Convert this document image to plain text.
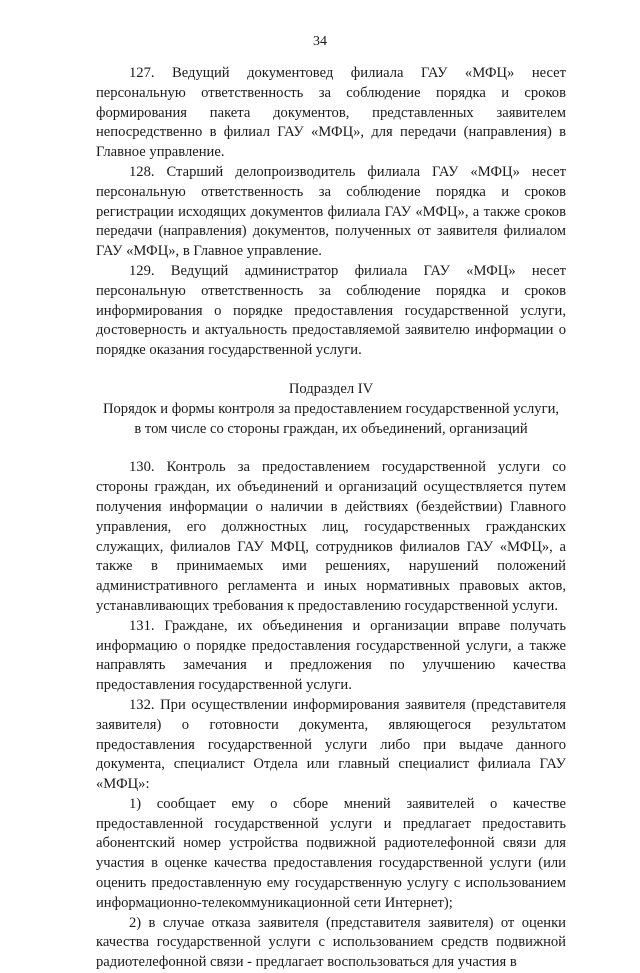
34

127. Ведущий документовед филиала ГАУ «МФЦ» несет персональную ответственность за соблюдение порядка и сроков формирования пакета документов, представленных заявителем непосредственно в филиал ГАУ «МФЦ», для передачи (направления) в Главное управление.

128. Старший делопроизводитель филиала ГАУ «МФЦ» несет персональную ответственность за соблюдение порядка и сроков регистрации исходящих документов филиала ГАУ «МФЦ», а также сроков передачи (направления) документов, полученных от заявителя филиалом ГАУ «МФЦ», в Главное управление.

129. Ведущий администратор филиала ГАУ «МФЦ» несет персональную ответственность за соблюдение порядка и сроков информирования о порядке предоставления государственной услуги, достоверность и актуальность предоставляемой заявителю информации о порядке оказания государственной услуги.

Подраздел IV
Порядок и формы контроля за предоставлением государственной услуги,
в том числе со стороны граждан, их объединений, организаций

130. Контроль за предоставлением государственной услуги со стороны граждан, их объединений и организаций осуществляется путем получения информации о наличии в действиях (бездействии) Главного управления, его должностных лиц, государственных гражданских служащих, филиалов ГАУ МФЦ, сотрудников филиалов ГАУ «МФЦ», а также в принимаемых ими решениях, нарушений положений административного регламента и иных нормативных правовых актов, устанавливающих требования к предоставлению государственной услуги.

131. Граждане, их объединения и организации вправе получать информацию о порядке предоставления государственной услуги, а также направлять замечания и предложения по улучшению качества предоставления государственной услуги.

132. При осуществлении информирования заявителя (представителя заявителя) о готовности документа, являющегося результатом предоставления государственной услуги либо при выдаче данного документа, специалист Отдела или главный специалист филиала ГАУ «МФЦ»:

1) сообщает ему о сборе мнений заявителей о качестве предоставленной государственной услуги и предлагает предоставить абонентский номер устройства подвижной радиотелефонной связи для участия в оценке качества предоставления государственной услуги (или оценить предоставленную ему государственную услугу с использованием информационно-телекоммуникационной сети Интернет);

2) в случае отказа заявителя (представителя заявителя) от оценки качества государственной услуги с использованием средств подвижной радиотелефонной связи - предлагает воспользоваться для участия в
